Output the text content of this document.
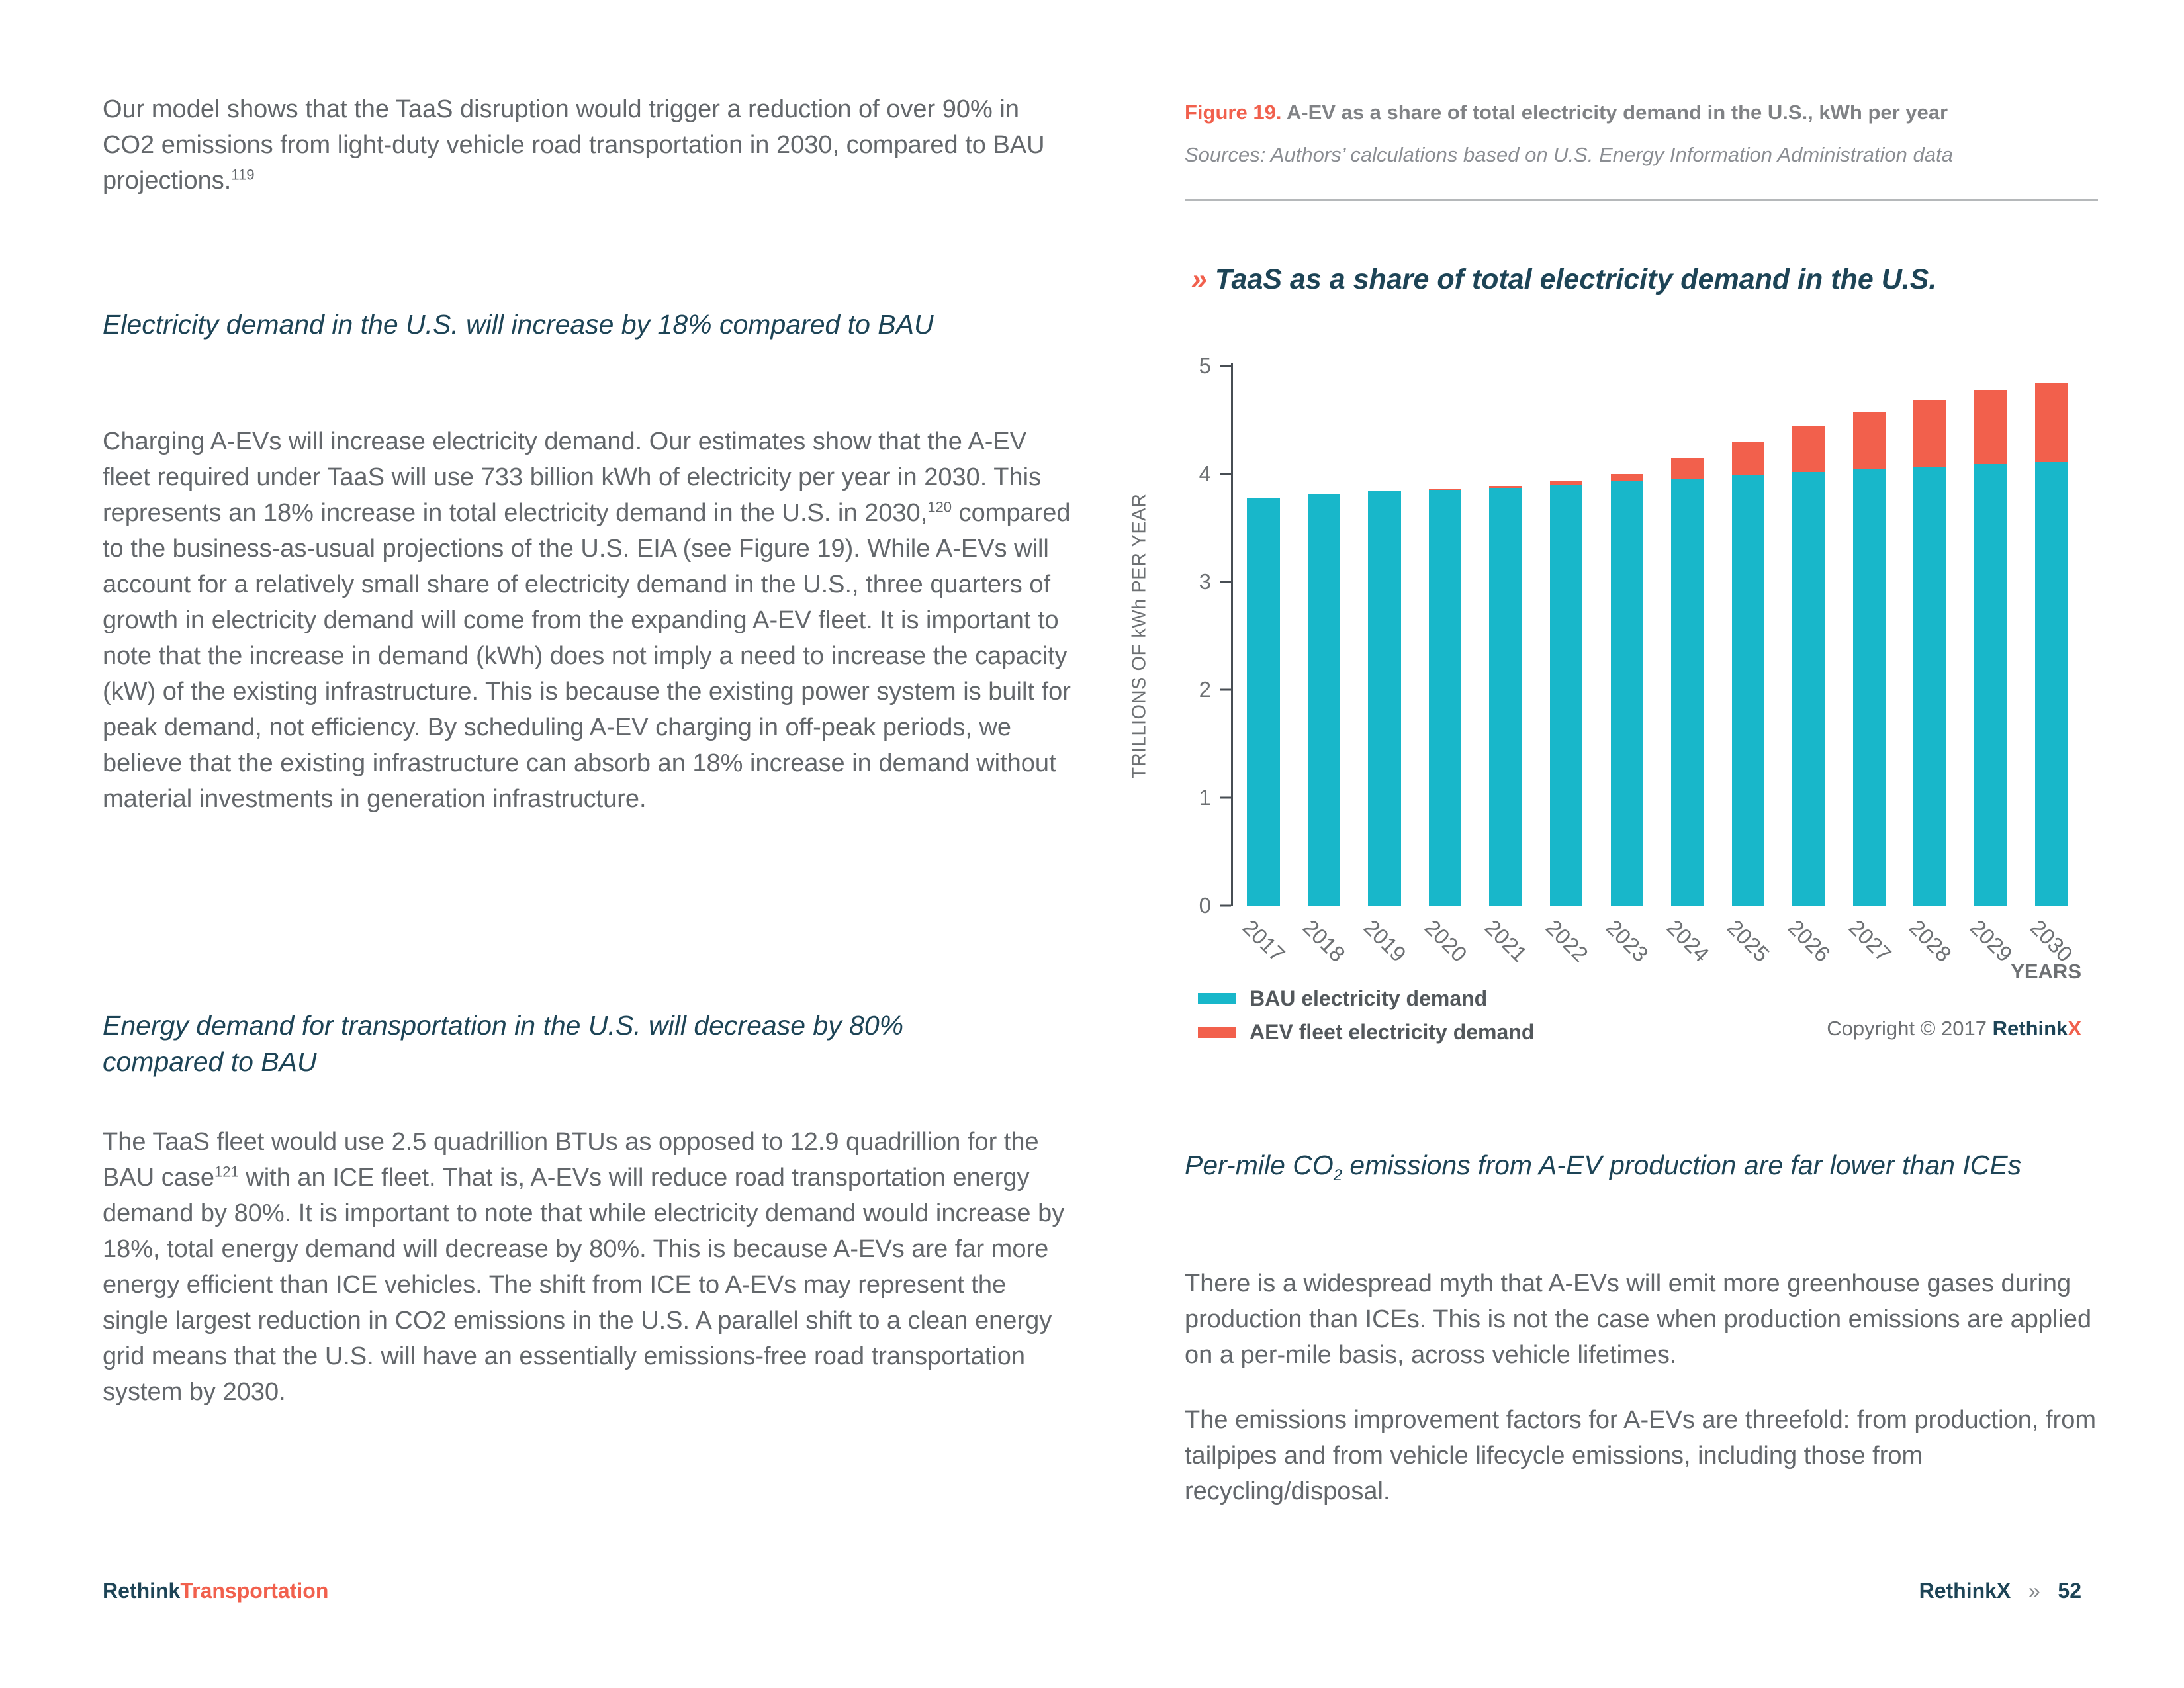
Our model shows that the TaaS disruption would trigger a reduction of over 90% in CO2 emissions from light-duty vehicle road transportation in 2030, compared to BAU projections.$^{119}$

Electricity demand in the U.S. will increase by 18% compared to BAU

Charging A-EVs will increase electricity demand. Our estimates show that the A-EV fleet required under TaaS will use 733 billion kWh of electricity per year in 2030. This represents an 18% increase in total electricity demand in the U.S. in 2030,$^{120}$ compared to the business-as-usual projections of the U.S. EIA (see Figure 19). While A-EVs will account for a relatively small share of electricity demand in the U.S., three quarters of growth in electricity demand will come from the expanding A-EV fleet. It is important to note that the increase in demand (kWh) does not imply a need to increase the capacity (kW) of the existing infrastructure. This is because the existing power system is built for peak demand, not efficiency. By scheduling A-EV charging in off-peak periods, we believe that the existing infrastructure can absorb an 18% increase in demand without material investments in generation infrastructure.

Energy demand for transportation in the U.S. will decrease by 80% compared to BAU

The TaaS fleet would use 2.5 quadrillion BTUs as opposed to 12.9 quadrillion for the BAU case$^{121}$ with an ICE fleet. That is, A-EVs will reduce road transportation energy demand by 80%. It is important to note that while electricity demand would increase by 18%, total energy demand will decrease by 80%. This is because A-EVs are far more energy efficient than ICE vehicles. The shift from ICE to A-EVs may represent the single largest reduction in CO2 emissions in the U.S. A parallel shift to a clean energy grid means that the U.S. will have an essentially emissions-free road transportation system by 2030.

Figure 19. A-EV as a share of total electricity demand in the U.S., kWh per year
Sources: Authors’ calculations based on U.S. Energy Information Administration data
» TaaS as a share of total electricity demand in the U.S.
TRILLIONS OF kWh PER YEAR
0
1
2
3
4
5
2017 2018 2019 2020 2021 2022 2023 2024 2025 2026 2027 2028 2029 2030
YEARS
BAU electricity demand
AEV fleet electricity demand	Copyright © 2017 RethinkX
Per-mile $CO_2$ emissions from A-EV production are far lower than ICEs

There is a widespread myth that A-EVs will emit more greenhouse gases during production than ICEs. This is not the case when production emissions are applied on a per-mile basis, across vehicle lifetimes.

The emissions improvement factors for A-EVs are threefold: from production, from tailpipes and from vehicle lifecycle emissions, including those from recycling/disposal.

RethinkTransportation	RethinkX   »   52
